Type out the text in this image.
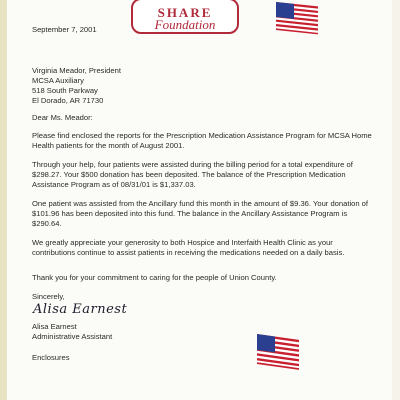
SHARE
Foundation
September 7, 2001
Virginia Meador, President
MCSA Auxiliary
518 South Parkway
El Dorado, AR 71730
Dear Ms. Meador:
Please find enclosed the reports for the Prescription Medication Assistance Program for MCSA Home Health patients for the month of August 2001.
Through your help, four patients were assisted during the billing period for a total expenditure of $298.27. Your $500 donation has been deposited. The balance of the Prescription Medication Assistance Program as of 08/31/01 is $1,337.03.
One patient was assisted from the Ancillary fund this month in the amount of $9.36. Your donation of $101.96 has been deposited into this fund. The balance in the Ancillary Assistance Program is $290.64.
We greatly appreciate your generosity to both Hospice and Interfaith Health Clinic as your contributions continue to assist patients in receiving the medications needed on a daily basis.
Thank you for your commitment to caring for the people of Union County.
Sincerely,
Alisa Earnest
Alisa Earnest
Administrative Assistant
Enclosures
